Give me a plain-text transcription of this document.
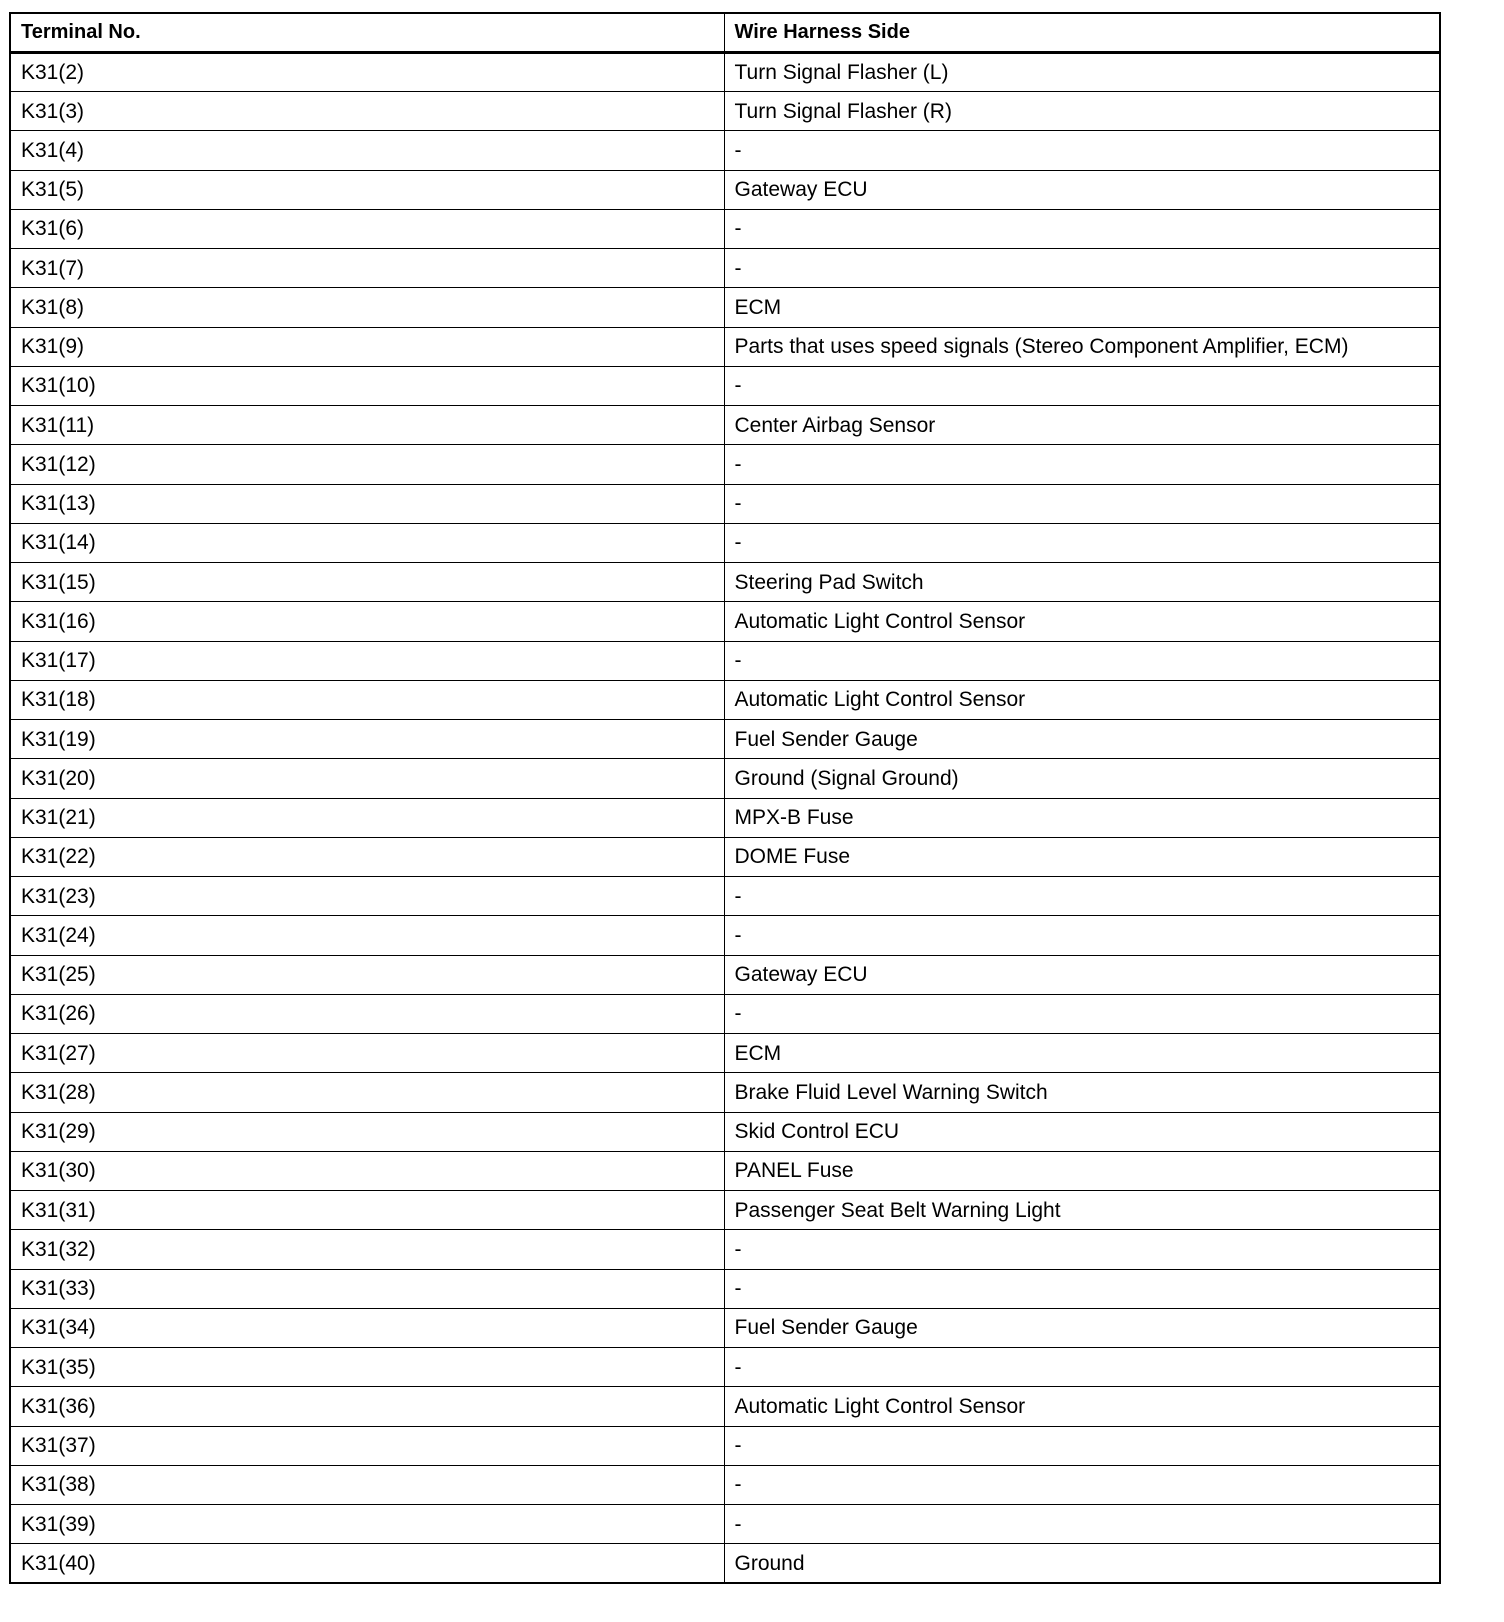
Terminal No.	Wire Harness Side
K31(2)	Turn Signal Flasher (L)
K31(3)	Turn Signal Flasher (R)
K31(4)	-
K31(5)	Gateway ECU
K31(6)	-
K31(7)	-
K31(8)	ECM
K31(9)	Parts that uses speed signals (Stereo Component Amplifier, ECM)
K31(10)	-
K31(11)	Center Airbag Sensor
K31(12)	-
K31(13)	-
K31(14)	-
K31(15)	Steering Pad Switch
K31(16)	Automatic Light Control Sensor
K31(17)	-
K31(18)	Automatic Light Control Sensor
K31(19)	Fuel Sender Gauge
K31(20)	Ground (Signal Ground)
K31(21)	MPX-B Fuse
K31(22)	DOME Fuse
K31(23)	-
K31(24)	-
K31(25)	Gateway ECU
K31(26)	-
K31(27)	ECM
K31(28)	Brake Fluid Level Warning Switch
K31(29)	Skid Control ECU
K31(30)	PANEL Fuse
K31(31)	Passenger Seat Belt Warning Light
K31(32)	-
K31(33)	-
K31(34)	Fuel Sender Gauge
K31(35)	-
K31(36)	Automatic Light Control Sensor
K31(37)	-
K31(38)	-
K31(39)	-
K31(40)	Ground
